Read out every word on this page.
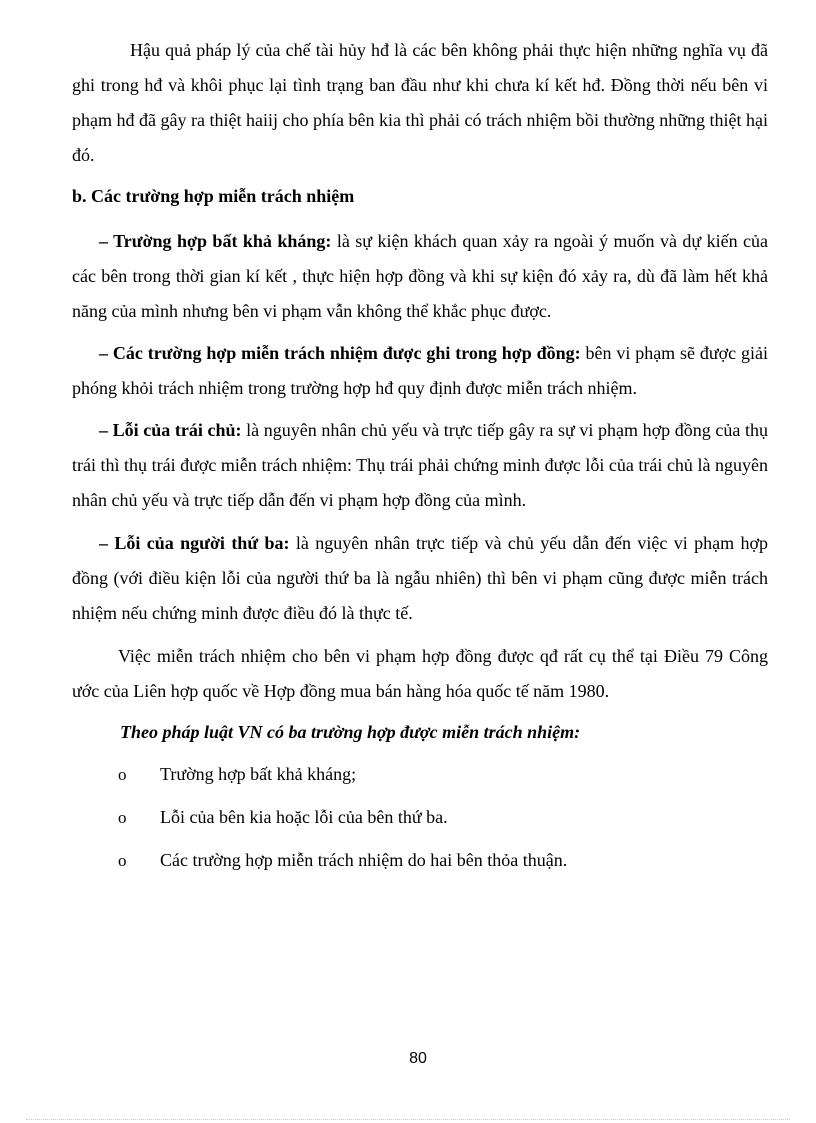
Hậu quả pháp lý của chế tài hủy hđ là các bên không phải thực hiện những nghĩa vụ đã ghi trong hđ và khôi phục lại tình trạng ban đầu như khi chưa kí kết hđ. Đồng thời nếu bên vi phạm hđ đã gây ra thiệt haiij cho phía bên kia thì phải có trách nhiệm bồi thường những thiệt hại đó.

b. Các trường hợp miễn trách nhiệm

– Trường hợp bất khả kháng: là sự kiện khách quan xảy ra ngoài ý muốn và dự kiến của các bên trong thời gian kí kết , thực hiện hợp đồng và khi sự kiện đó xảy ra, dù đã làm hết khả năng của mình nhưng bên vi phạm vẫn không thể khắc phục được.

– Các trường hợp miễn trách nhiệm được ghi trong hợp đồng: bên vi phạm sẽ được giải phóng khỏi trách nhiệm trong trường hợp hđ quy định được miễn trách nhiệm.

– Lỗi của trái chủ: là nguyên nhân chủ yếu và trực tiếp gây ra sự vi phạm hợp đồng của thụ trái thì thụ trái được miễn trách nhiệm: Thụ trái phải chứng minh được lỗi của trái chủ là nguyên nhân chủ yếu và trực tiếp dẫn đến vi phạm hợp đồng của mình.

– Lỗi của người thứ ba: là nguyên nhân trực tiếp và chủ yếu dẫn đến việc vi phạm hợp đồng (với điều kiện lỗi của người thứ ba là ngẫu nhiên) thì bên vi phạm cũng được miễn trách nhiệm nếu chứng minh được điều đó là thực tế.

Việc miễn trách nhiệm cho bên vi phạm hợp đồng được qđ rất cụ thể tại Điều 79 Công ước của Liên hợp quốc về Hợp đồng mua bán hàng hóa quốc tế năm 1980.

Theo pháp luật VN có ba trường hợp được miễn trách nhiệm:

o Trường hợp bất khả kháng;

o Lỗi của bên kia hoặc lỗi của bên thứ ba.

o Các trường hợp miễn trách nhiệm do hai bên thỏa thuận.

80
